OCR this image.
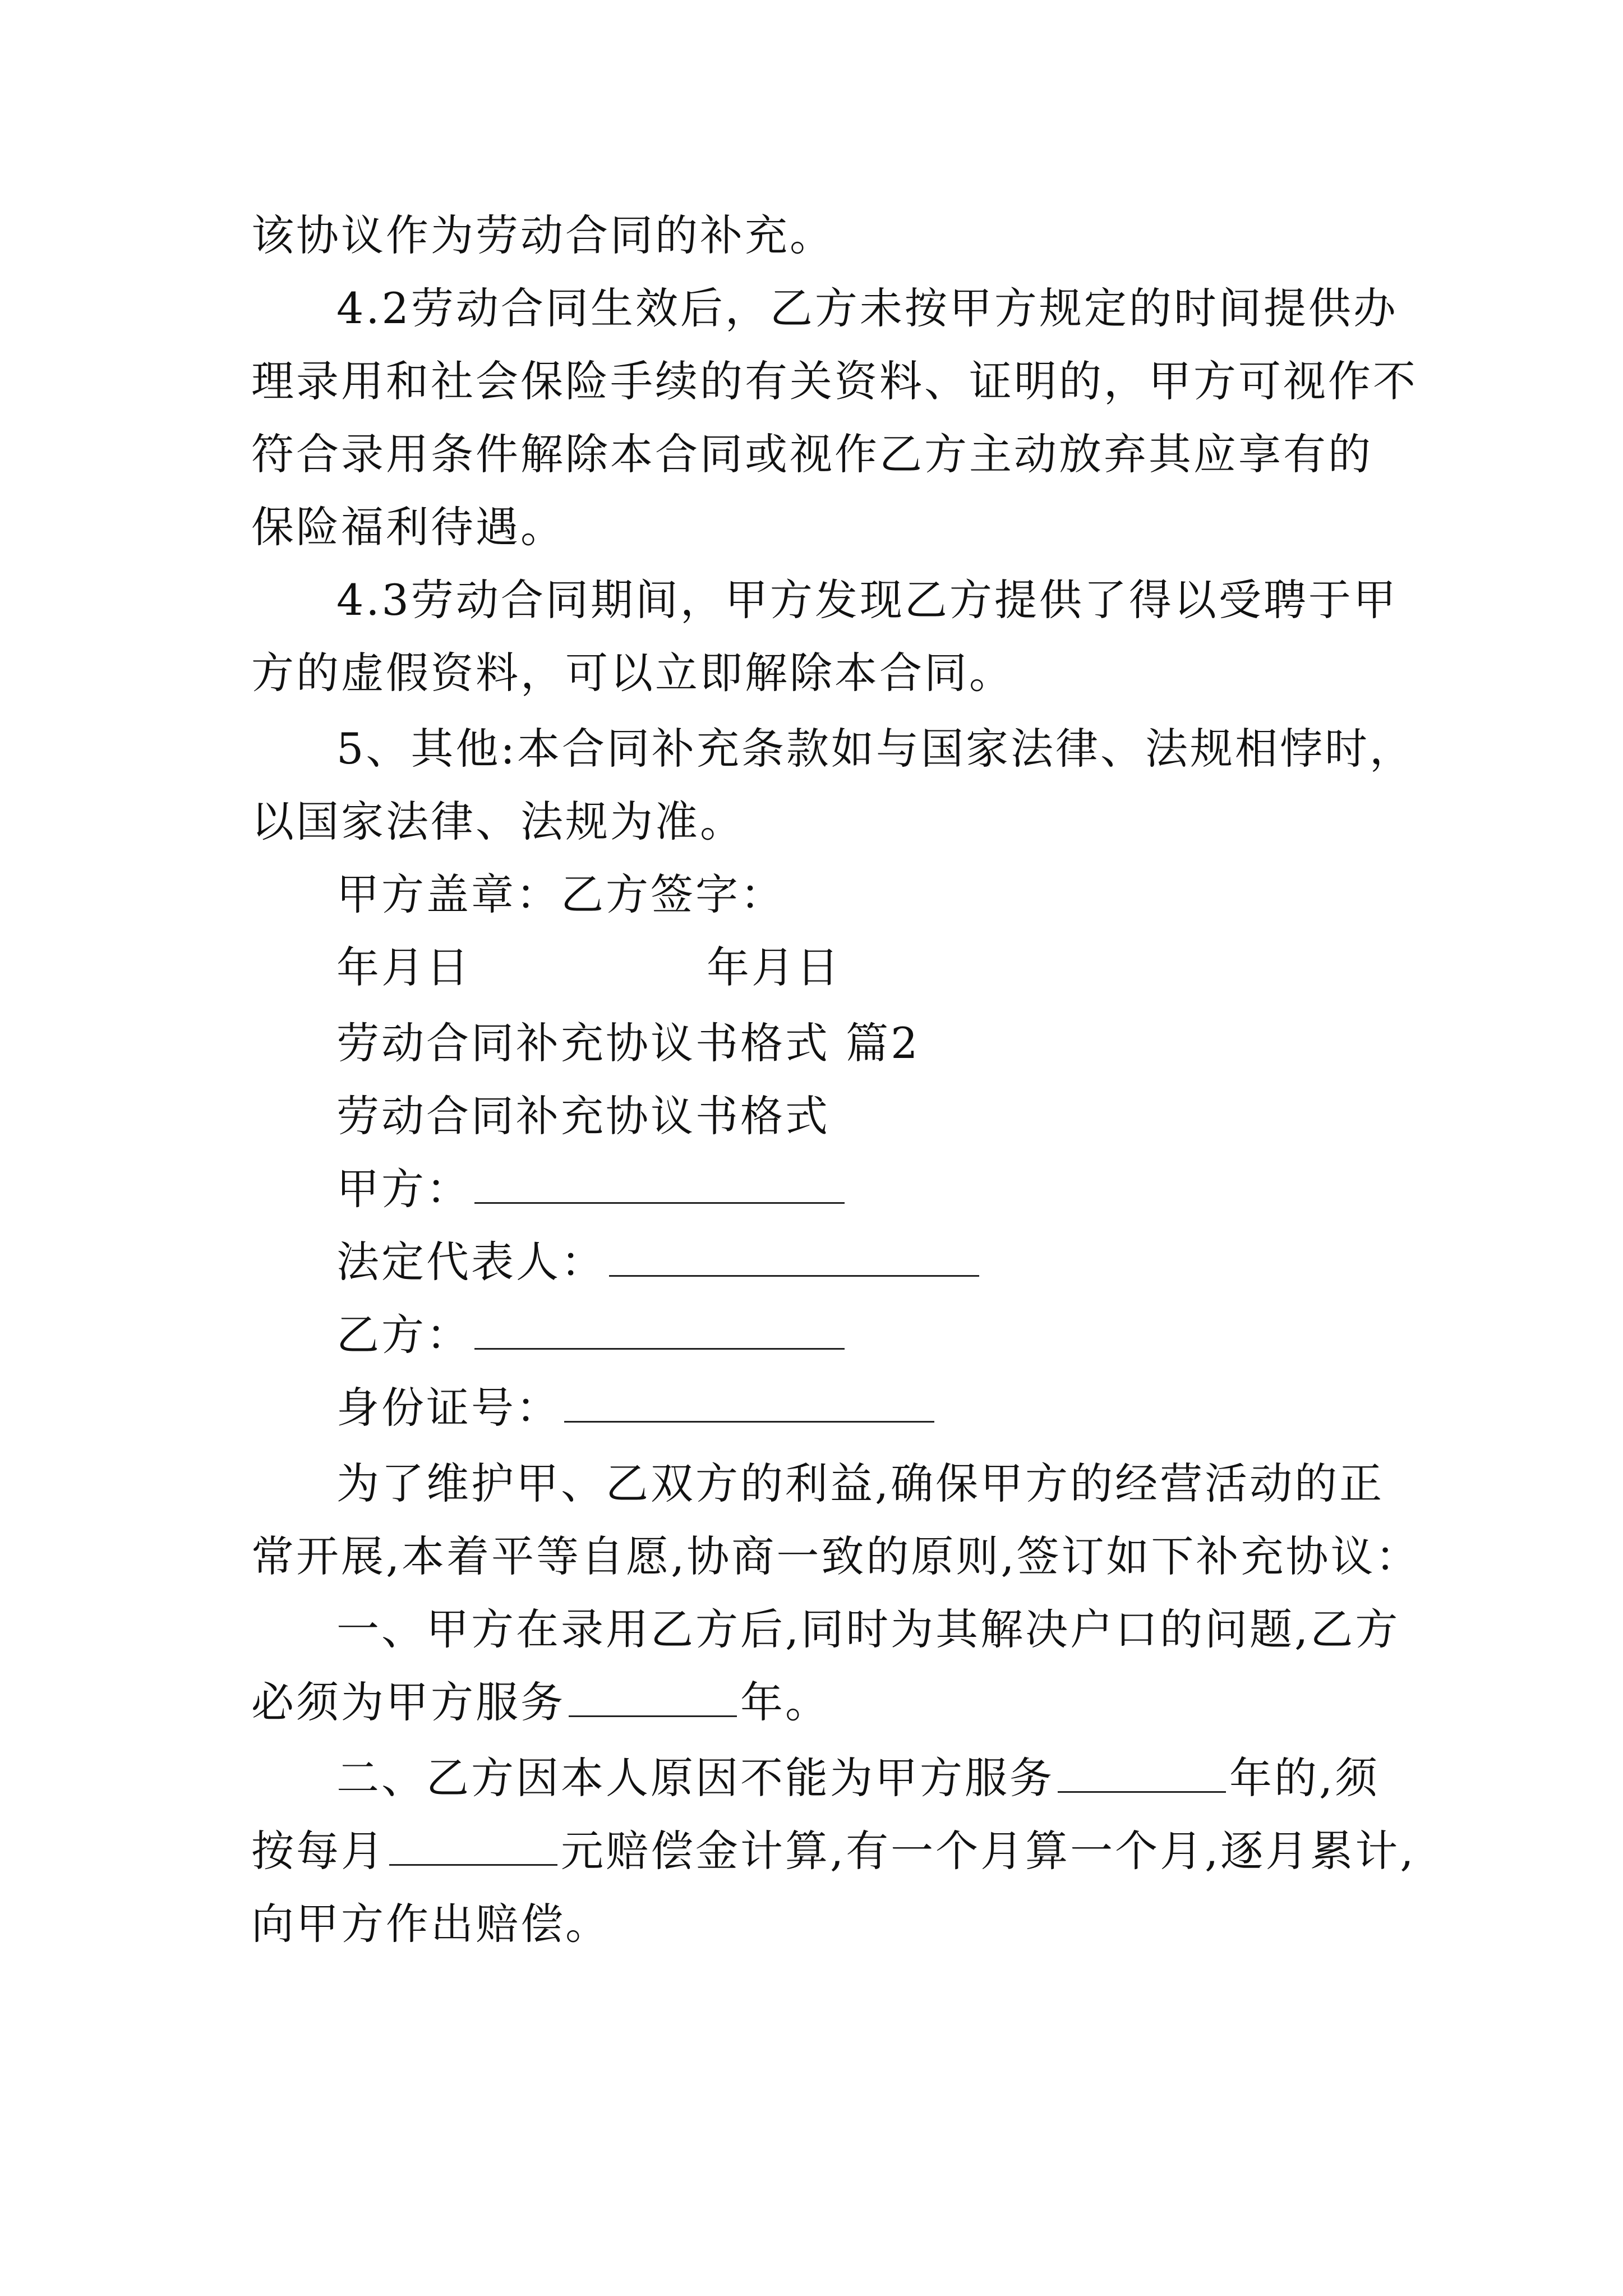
该协议作为劳动合同的补充。
4.2劳动合同生效后，乙方未按甲方规定的时间提供办
理录用和社会保险手续的有关资料、证明的，甲方可视作不
符合录用条件解除本合同或视作乙方主动放弃其应享有的
保险福利待遇。
4.3劳动合同期间，甲方发现乙方提供了得以受聘于甲
方的虚假资料，可以立即解除本合同。
5、其他:本合同补充条款如与国家法律、法规相悖时，
以国家法律、法规为准。
甲方盖章：乙方签字：
年月日	年月日
劳动合同补充协议书格式 篇2
劳动合同补充协议书格式
甲方：
法定代表人：
乙方：
身份证号：
为了维护甲、乙双方的利益,确保甲方的经营活动的正
常开展,本着平等自愿,协商一致的原则,签订如下补充协议：
一、甲方在录用乙方后,同时为其解决户口的问题,乙方
必须为甲方服务	年。
二、乙方因本人原因不能为甲方服务	年的,须
按每月	元赔偿金计算,有一个月算一个月,逐月累计,
向甲方作出赔偿。
